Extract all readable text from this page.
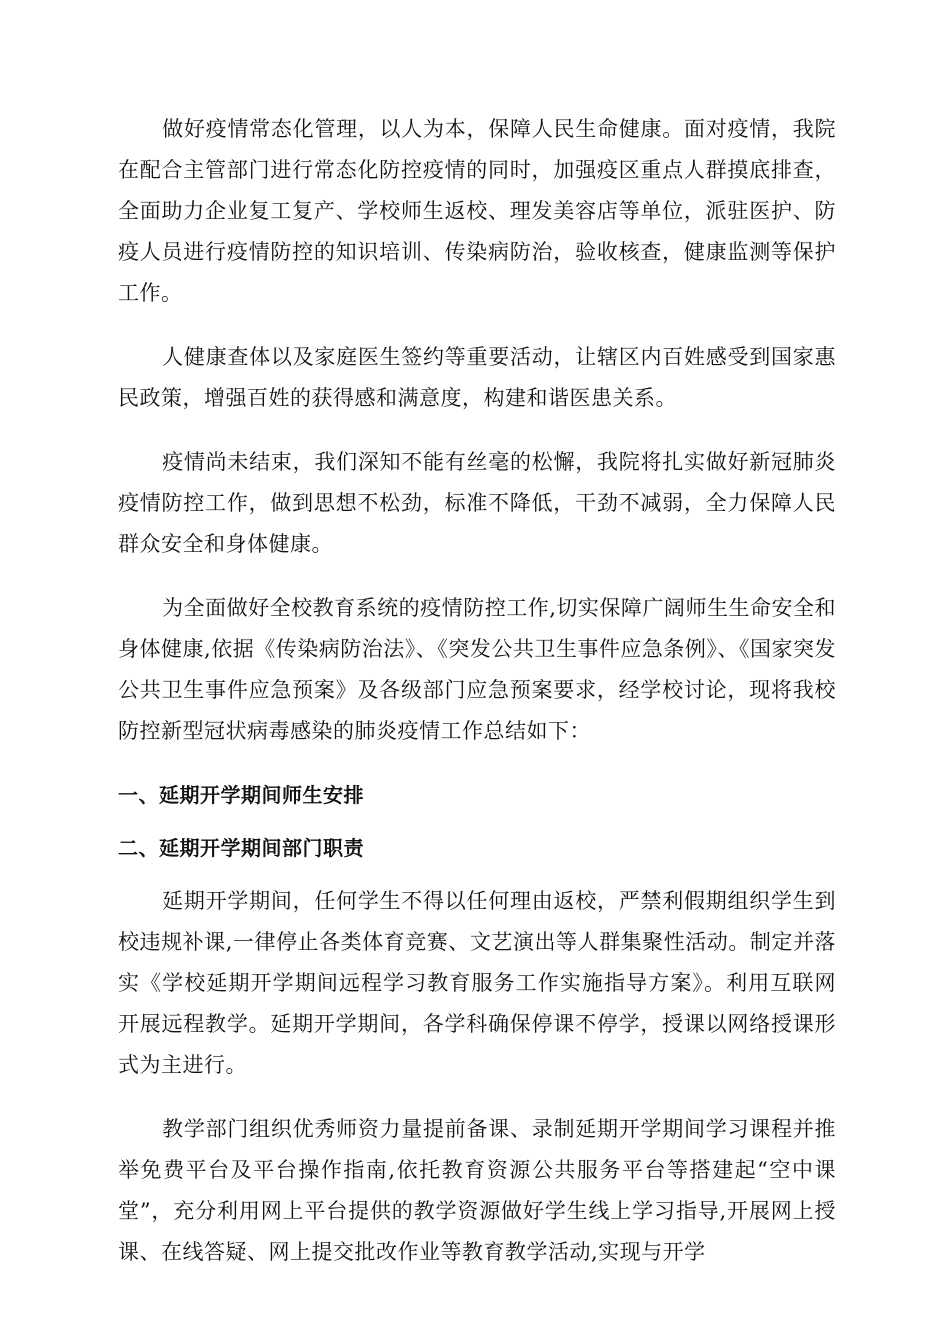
做好疫情常态化管理，以人为本，保障人民生命健康。面对疫情，我院在配合主管部门进行常态化防控疫情的同时，加强疫区重点人群摸底排查，全面助力企业复工复产、学校师生返校、理发美容店等单位，派驻医护、防疫人员进行疫情防控的知识培训、传染病防治，验收核查，健康监测等保护工作。

人健康查体以及家庭医生签约等重要活动，让辖区内百姓感受到国家惠民政策，增强百姓的获得感和满意度，构建和谐医患关系。

疫情尚未结束，我们深知不能有丝毫的松懈，我院将扎实做好新冠肺炎疫情防控工作，做到思想不松劲，标准不降低，干劲不减弱，全力保障人民群众安全和身体健康。

为全面做好全校教育系统的疫情防控工作,切实保障广阔师生生命安全和身体健康,依据《传染病防治法》、《突发公共卫生事件应急条例》、《国家突发公共卫生事件应急预案》及各级部门应急预案要求，经学校讨论，现将我校防控新型冠状病毒感染的肺炎疫情工作总结如下：

一、延期开学期间师生安排
二、延期开学期间部门职责

延期开学期间，任何学生不得以任何理由返校，严禁利假期组织学生到校违规补课,一律停止各类体育竞赛、文艺演出等人群集聚性活动。制定并落实《学校延期开学期间远程学习教育服务工作实施指导方案》。利用互联网开展远程教学。延期开学期间，各学科确保停课不停学，授课以网络授课形式为主进行。

教学部门组织优秀师资力量提前备课、录制延期开学期间学习课程并推举免费平台及平台操作指南,依托教育资源公共服务平台等搭建起“空中课堂”，充分利用网上平台提供的教学资源做好学生线上学习指导,开展网上授课、在线答疑、网上提交批改作业等教育教学活动,实现与开学
